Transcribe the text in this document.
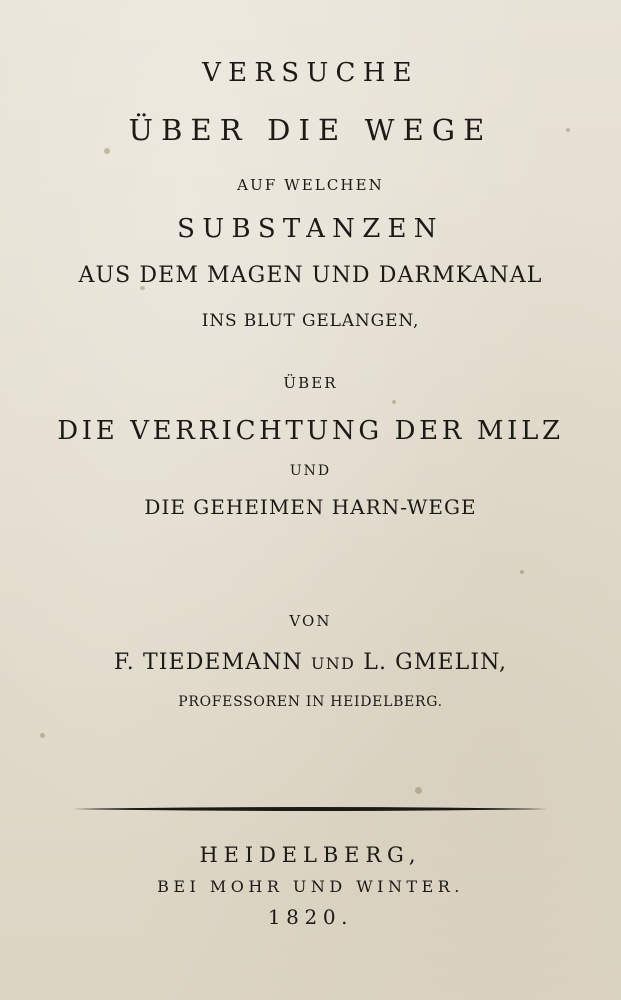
VERSUCHE
ÜBER DIE WEGE
AUF WELCHEN
SUBSTANZEN
AUS DEM MAGEN UND DARMKANAL
INS BLUT GELANGEN,
ÜBER
DIE VERRICHTUNG DER MILZ
UND
DIE GEHEIMEN HARN-WEGE
VON
F. TIEDEMANN UND L. GMELIN,
PROFESSOREN IN HEIDELBERG.
HEIDELBERG,
BEI MOHR UND WINTER.
1820.
